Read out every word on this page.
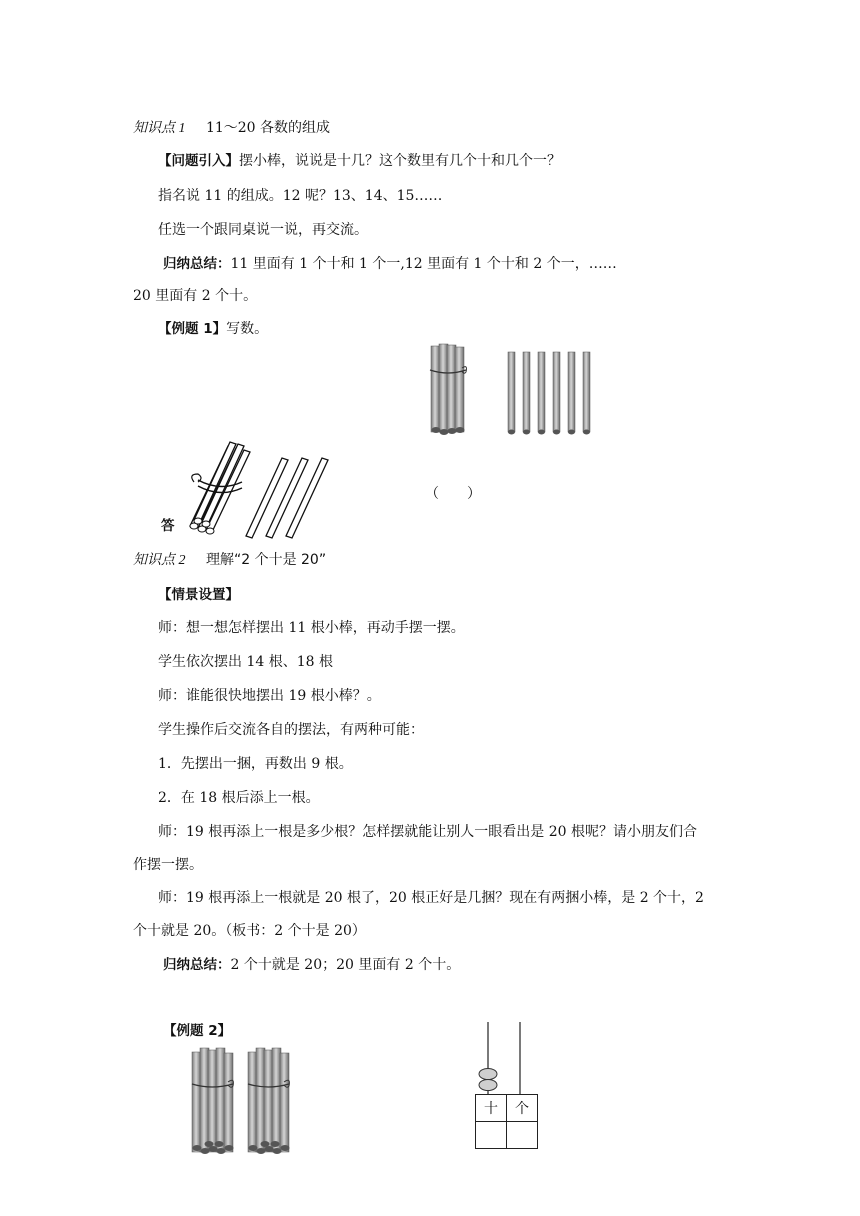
知识点 1 11～20 各数的组成
【问题引入】摆小棒，说说是十几？这个数里有几个十和几个一？
指名说 11 的组成。12 呢？13、14、15……
任选一个跟同桌说一说，再交流。
归纳总结：11 里面有 1 个十和 1 个一,12 里面有 1 个十和 2 个一，……
20 里面有 2 个十。
【例题 1】写数。
（　　）
答
知识点 2 理解“2 个十是 20”
【情景设置】
师：想一想怎样摆出 11 根小棒，再动手摆一摆。
学生依次摆出 14 根、18 根
师：谁能很快地摆出 19 根小棒？。
学生操作后交流各自的摆法，有两种可能：
1．先摆出一捆，再数出 9 根。
2．在 18 根后添上一根。
师：19 根再添上一根是多少根？怎样摆就能让别人一眼看出是 20 根呢？请小朋友们合
作摆一摆。
师：19 根再添上一根就是 20 根了，20 根正好是几捆？现在有两捆小棒，是 2 个十，2
个十就是 20。（板书：2 个十是 20）
归纳总结：2 个十就是 20；20 里面有 2 个十。
【例题 2】
十	个
